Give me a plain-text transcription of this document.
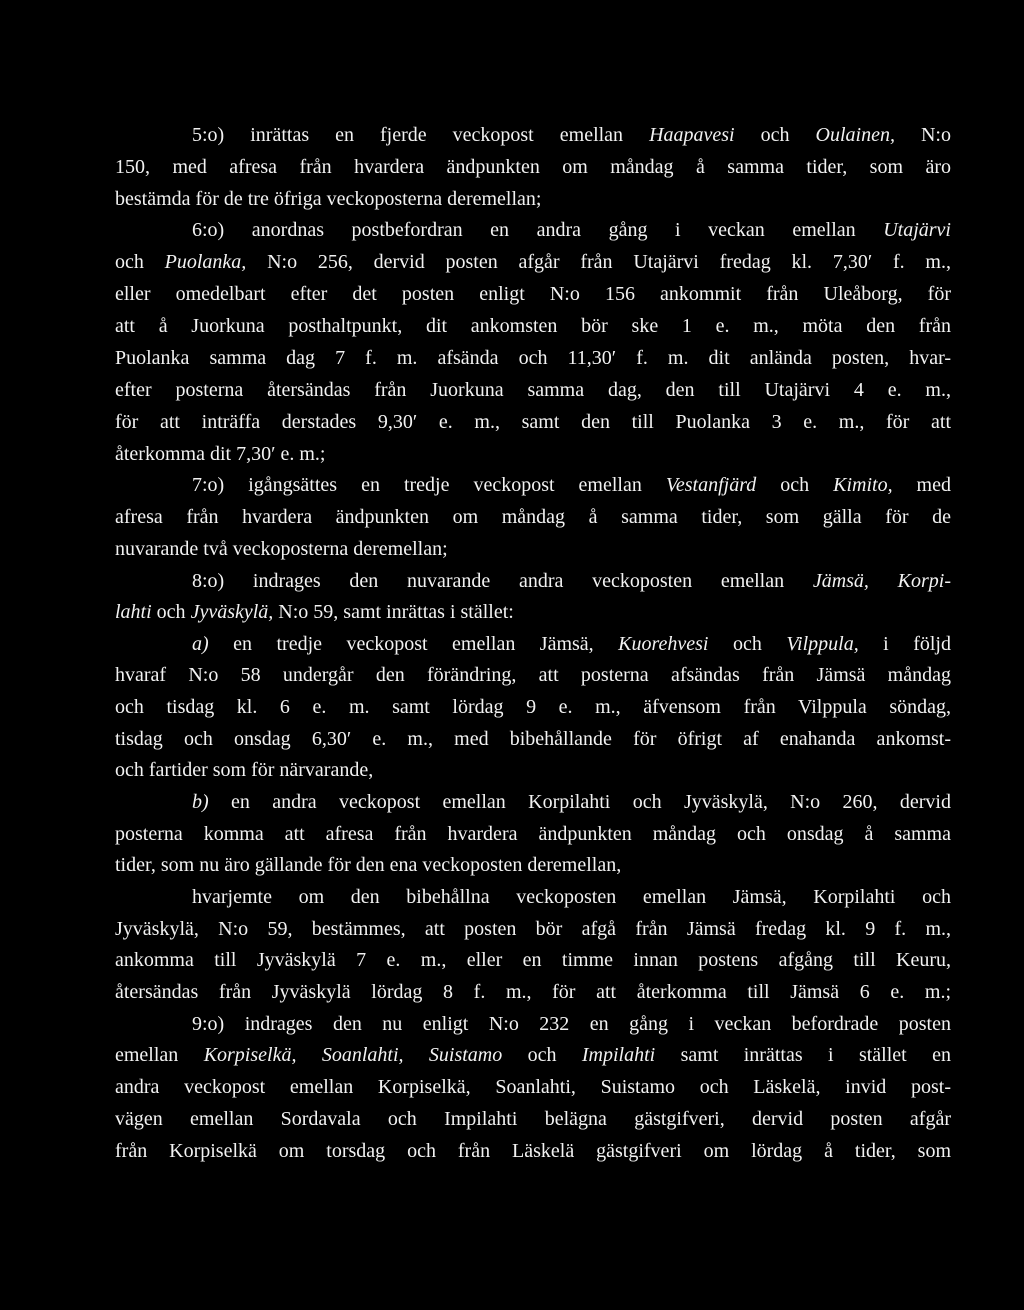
5:o) inrättas en fjerde veckopost emellan Haapavesi och Oulainen, N:o
150, med afresa från hvardera ändpunkten om måndag å samma tider, som äro
bestämda för de tre öfriga veckoposterna deremellan;
6:o) anordnas postbefordran en andra gång i veckan emellan Utajärvi
och Puolanka, N:o 256, dervid posten afgår från Utajärvi fredag kl. 7,30′ f. m.,
eller omedelbart efter det posten enligt N:o 156 ankommit från Uleåborg, för
att å Juorkuna posthaltpunkt, dit ankomsten bör ske 1 e. m., möta den från
Puolanka samma dag 7 f. m. afsända och 11,30′ f. m. dit anlända posten, hvar-
efter posterna återsändas från Juorkuna samma dag, den till Utajärvi 4 e. m.,
för att inträffa derstades 9,30′ e. m., samt den till Puolanka 3 e. m., för att
återkomma dit 7,30′ e. m.;
7:o) igångsättes en tredje veckopost emellan Vestanfjärd och Kimito, med
afresa från hvardera ändpunkten om måndag å samma tider, som gälla för de
nuvarande två veckoposterna deremellan;
8:o) indrages den nuvarande andra veckoposten emellan Jämsä, Korpi-
lahti och Jyväskylä, N:o 59, samt inrättas i stället:
a) en tredje veckopost emellan Jämsä, Kuorehvesi och Vilppula, i följd
hvaraf N:o 58 undergår den förändring, att posterna afsändas från Jämsä måndag
och tisdag kl. 6 e. m. samt lördag 9 e. m., äfvensom från Vilppula söndag,
tisdag och onsdag 6,30′ e. m., med bibehållande för öfrigt af enahanda ankomst-
och fartider som för närvarande,
b) en andra veckopost emellan Korpilahti och Jyväskylä, N:o 260, dervid
posterna komma att afresa från hvardera ändpunkten måndag och onsdag å samma
tider, som nu äro gällande för den ena veckoposten deremellan,
hvarjemte om den bibehållna veckoposten emellan Jämsä, Korpilahti och
Jyväskylä, N:o 59, bestämmes, att posten bör afgå från Jämsä fredag kl. 9 f. m.,
ankomma till Jyväskylä 7 e. m., eller en timme innan postens afgång till Keuru,
återsändas från Jyväskylä lördag 8 f. m., för att återkomma till Jämsä 6 e. m.;
9:o) indrages den nu enligt N:o 232 en gång i veckan befordrade posten
emellan Korpiselkä, Soanlahti, Suistamo och Impilahti samt inrättas i stället en
andra veckopost emellan Korpiselkä, Soanlahti, Suistamo och Läskelä, invid post-
vägen emellan Sordavala och Impilahti belägna gästgifveri, dervid posten afgår
från Korpiselkä om torsdag och från Läskelä gästgifveri om lördag å tider, som
